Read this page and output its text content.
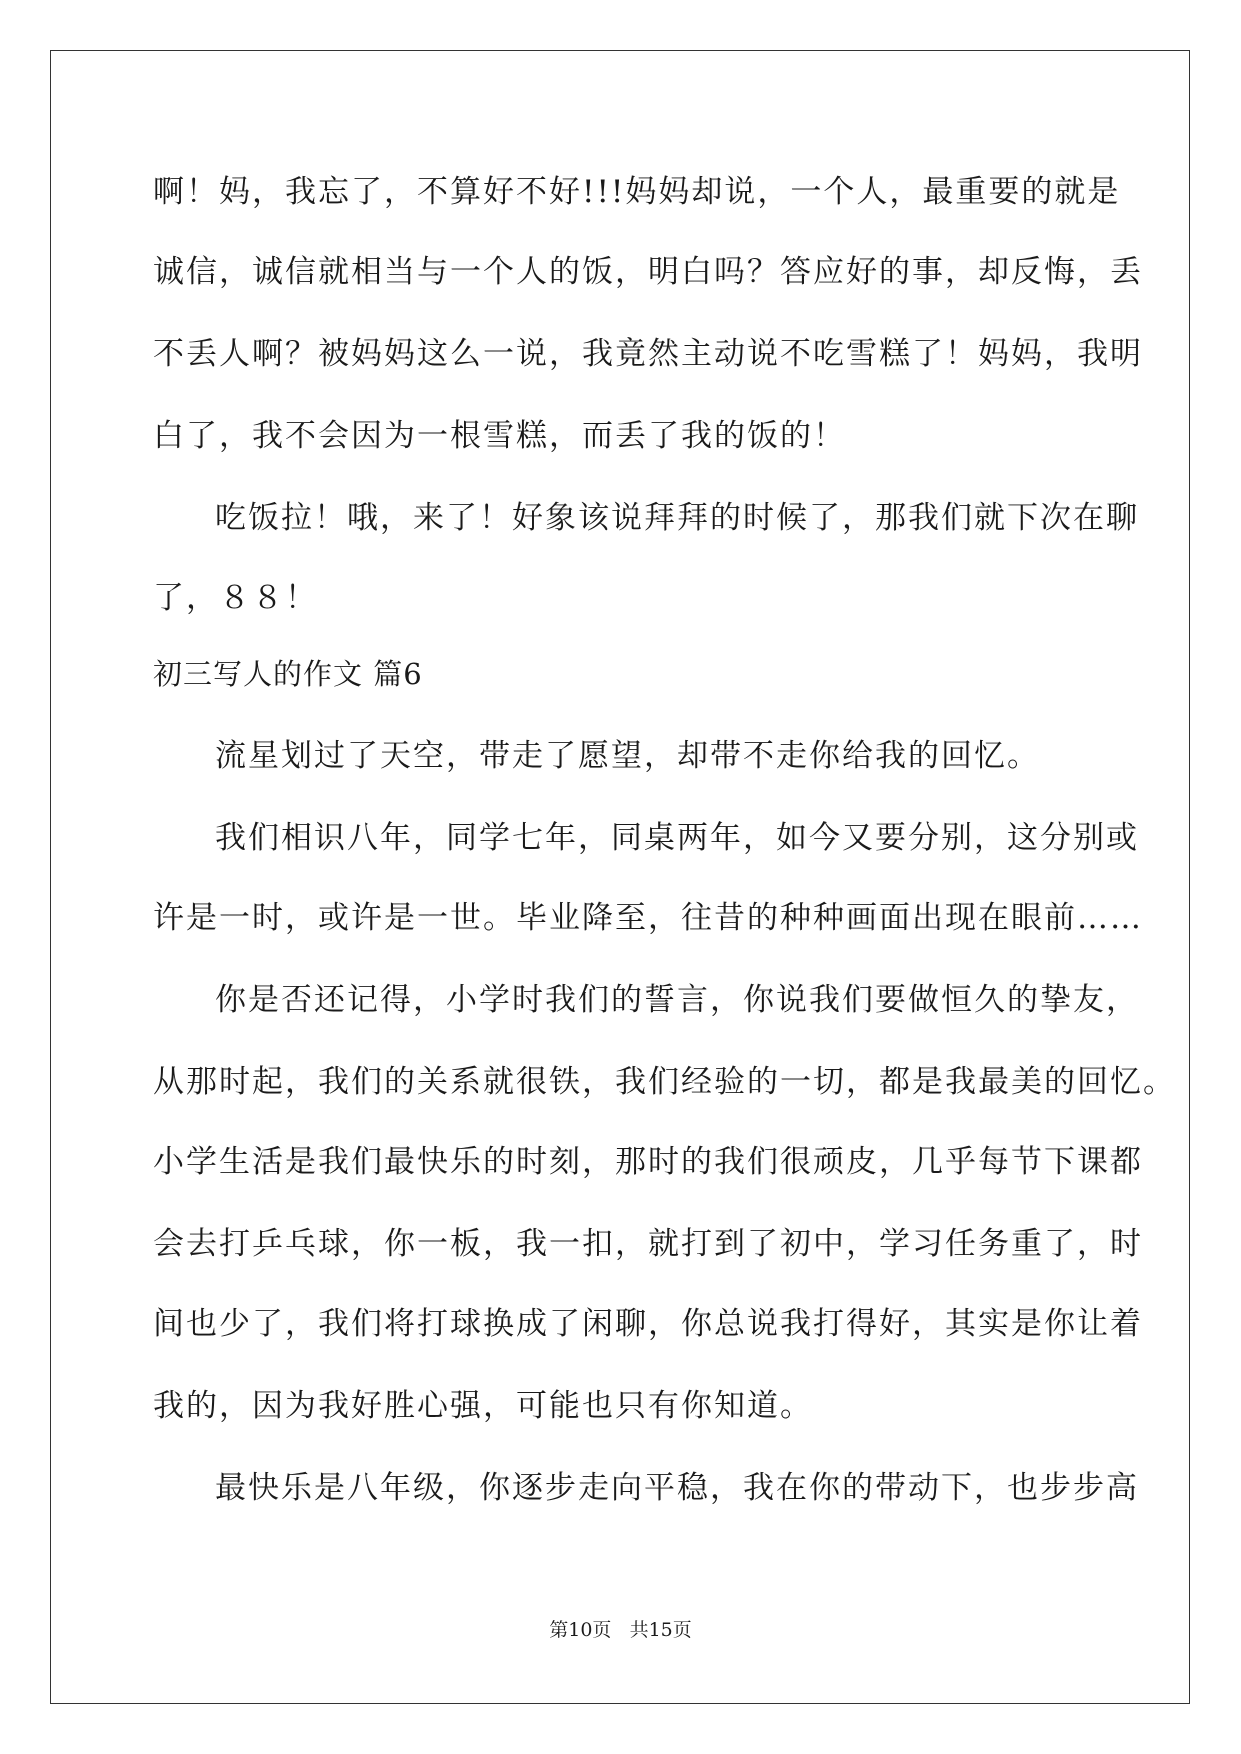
啊！妈，我忘了，不算好不好!!!妈妈却说，一个人，最重要的就是
诚信，诚信就相当与一个人的饭，明白吗？答应好的事，却反悔，丢
不丢人啊？被妈妈这么一说，我竟然主动说不吃雪糕了！妈妈，我明
白了，我不会因为一根雪糕，而丢了我的饭的！
吃饭拉！哦，来了！好象该说拜拜的时候了，那我们就下次在聊
了，８８！
初三写人的作文 篇6
流星划过了天空，带走了愿望，却带不走你给我的回忆。
我们相识八年，同学七年，同桌两年，如今又要分别，这分别或
许是一时，或许是一世。毕业降至，往昔的种种画面出现在眼前……
你是否还记得，小学时我们的誓言，你说我们要做恒久的挚友，
从那时起，我们的关系就很铁，我们经验的一切，都是我最美的回忆。
小学生活是我们最快乐的时刻，那时的我们很顽皮，几乎每节下课都
会去打乒乓球，你一板，我一扣，就打到了初中，学习任务重了，时
间也少了，我们将打球换成了闲聊，你总说我打得好，其实是你让着
我的，因为我好胜心强，可能也只有你知道。
最快乐是八年级，你逐步走向平稳，我在你的带动下，也步步高
第10页 共15页
